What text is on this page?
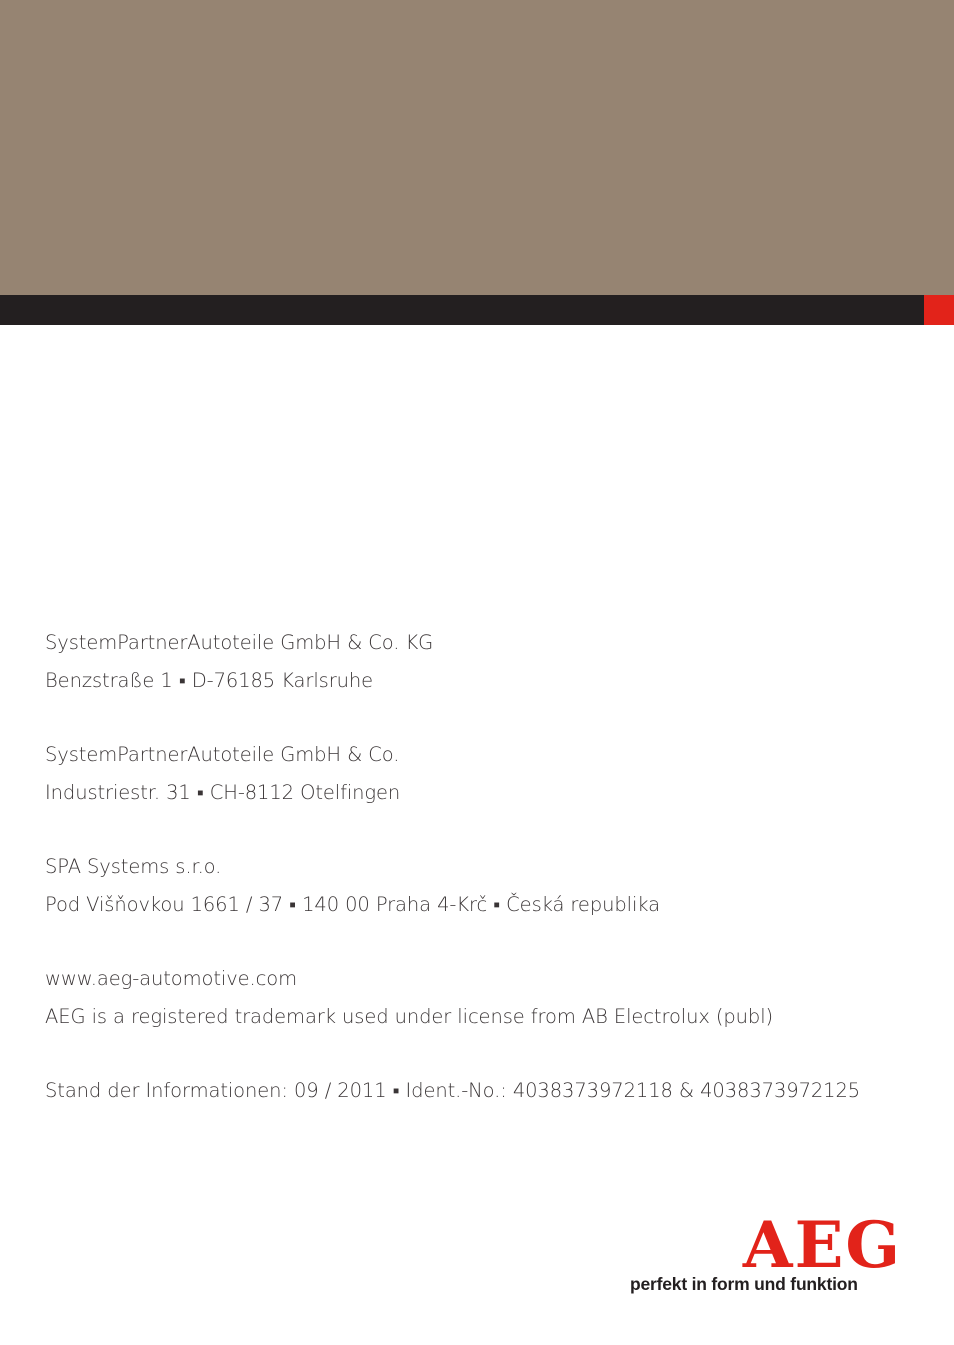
SystemPartnerAutoteile GmbH & Co. KG
Benzstraße 1 ▪ D-76185 Karlsruhe
SystemPartnerAutoteile GmbH & Co.
Industriestr. 31 ▪ CH-8112 Otelfingen
SPA Systems s.r.o.
Pod Višňovkou 1661 / 37 ▪ 140 00 Praha 4-Krč ▪ Česká republika
www.aeg-automotive.com
AEG is a registered trademark used under license from AB Electrolux (publ)
Stand der Informationen: 09 / 2011 ▪ Ident.-No.: 4038373972118 & 4038373972125
AEG
perfekt in form und funktion
